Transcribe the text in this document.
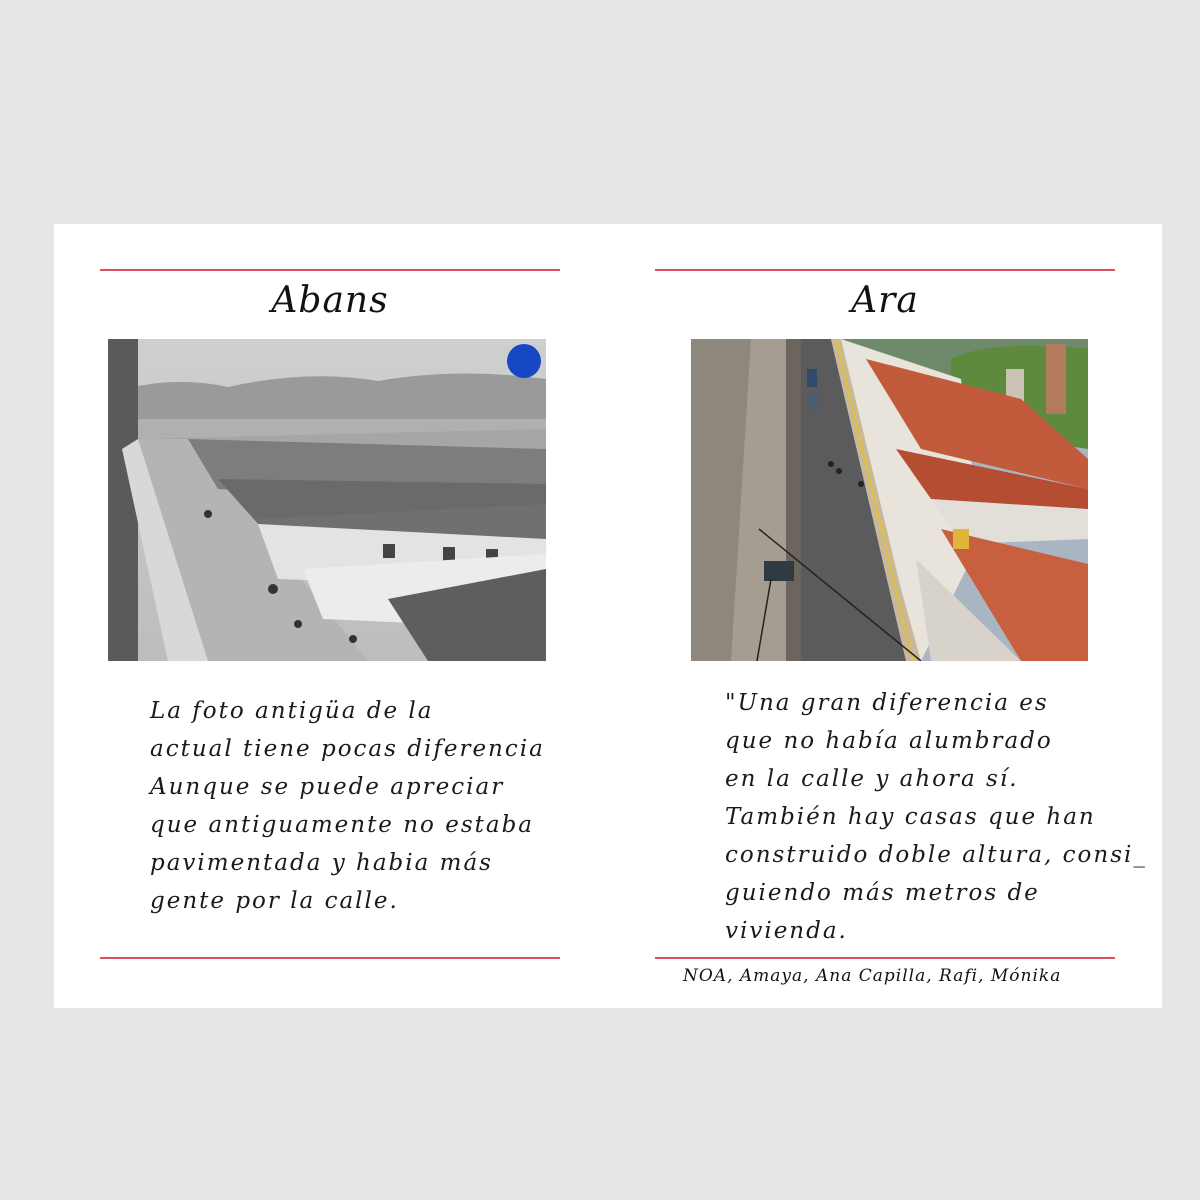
Abans
La foto antigüa de la
actual tiene pocas diferencia
Aunque se puede apreciar
que antiguamente no estaba
pavimentada y habia más
gente por la calle.
Ara
"Una gran diferencia es
que no había alumbrado
en la calle y ahora sí.
También hay casas que han
construido doble altura, consi_
guiendo más metros de
vivienda.
NOA, Amaya, Ana Capilla, Rafi, Mónika
